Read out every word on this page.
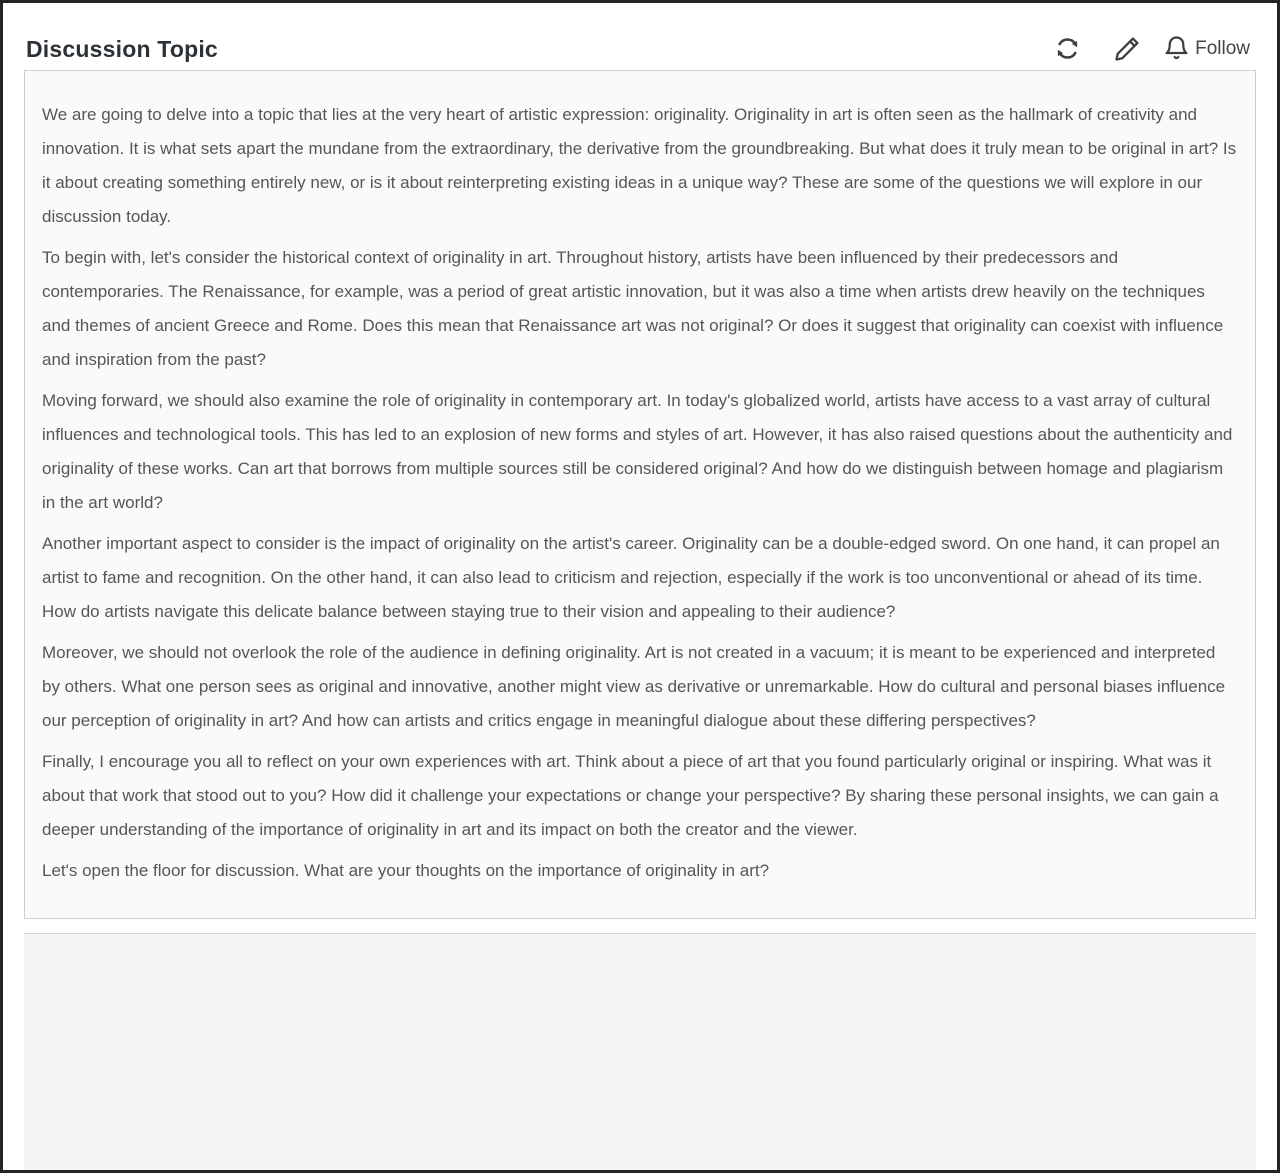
Discussion Topic	Follow

We are going to delve into a topic that lies at the very heart of artistic expression: originality. Originality in art is often seen as the hallmark of creativity and innovation. It is what sets apart the mundane from the extraordinary, the derivative from the groundbreaking. But what does it truly mean to be original in art? Is it about creating something entirely new, or is it about reinterpreting existing ideas in a unique way? These are some of the questions we will explore in our discussion today.

To begin with, let's consider the historical context of originality in art. Throughout history, artists have been influenced by their predecessors and contemporaries. The Renaissance, for example, was a period of great artistic innovation, but it was also a time when artists drew heavily on the techniques and themes of ancient Greece and Rome. Does this mean that Renaissance art was not original? Or does it suggest that originality can coexist with influence and inspiration from the past?

Moving forward, we should also examine the role of originality in contemporary art. In today's globalized world, artists have access to a vast array of cultural influences and technological tools. This has led to an explosion of new forms and styles of art. However, it has also raised questions about the authenticity and originality of these works. Can art that borrows from multiple sources still be considered original? And how do we distinguish between homage and plagiarism in the art world?

Another important aspect to consider is the impact of originality on the artist's career. Originality can be a double-edged sword. On one hand, it can propel an artist to fame and recognition. On the other hand, it can also lead to criticism and rejection, especially if the work is too unconventional or ahead of its time. How do artists navigate this delicate balance between staying true to their vision and appealing to their audience?

Moreover, we should not overlook the role of the audience in defining originality. Art is not created in a vacuum; it is meant to be experienced and interpreted by others. What one person sees as original and innovative, another might view as derivative or unremarkable. How do cultural and personal biases influence our perception of originality in art? And how can artists and critics engage in meaningful dialogue about these differing perspectives?

Finally, I encourage you all to reflect on your own experiences with art. Think about a piece of art that you found particularly original or inspiring. What was it about that work that stood out to you? How did it challenge your expectations or change your perspective? By sharing these personal insights, we can gain a deeper understanding of the importance of originality in art and its impact on both the creator and the viewer.

Let's open the floor for discussion. What are your thoughts on the importance of originality in art?
